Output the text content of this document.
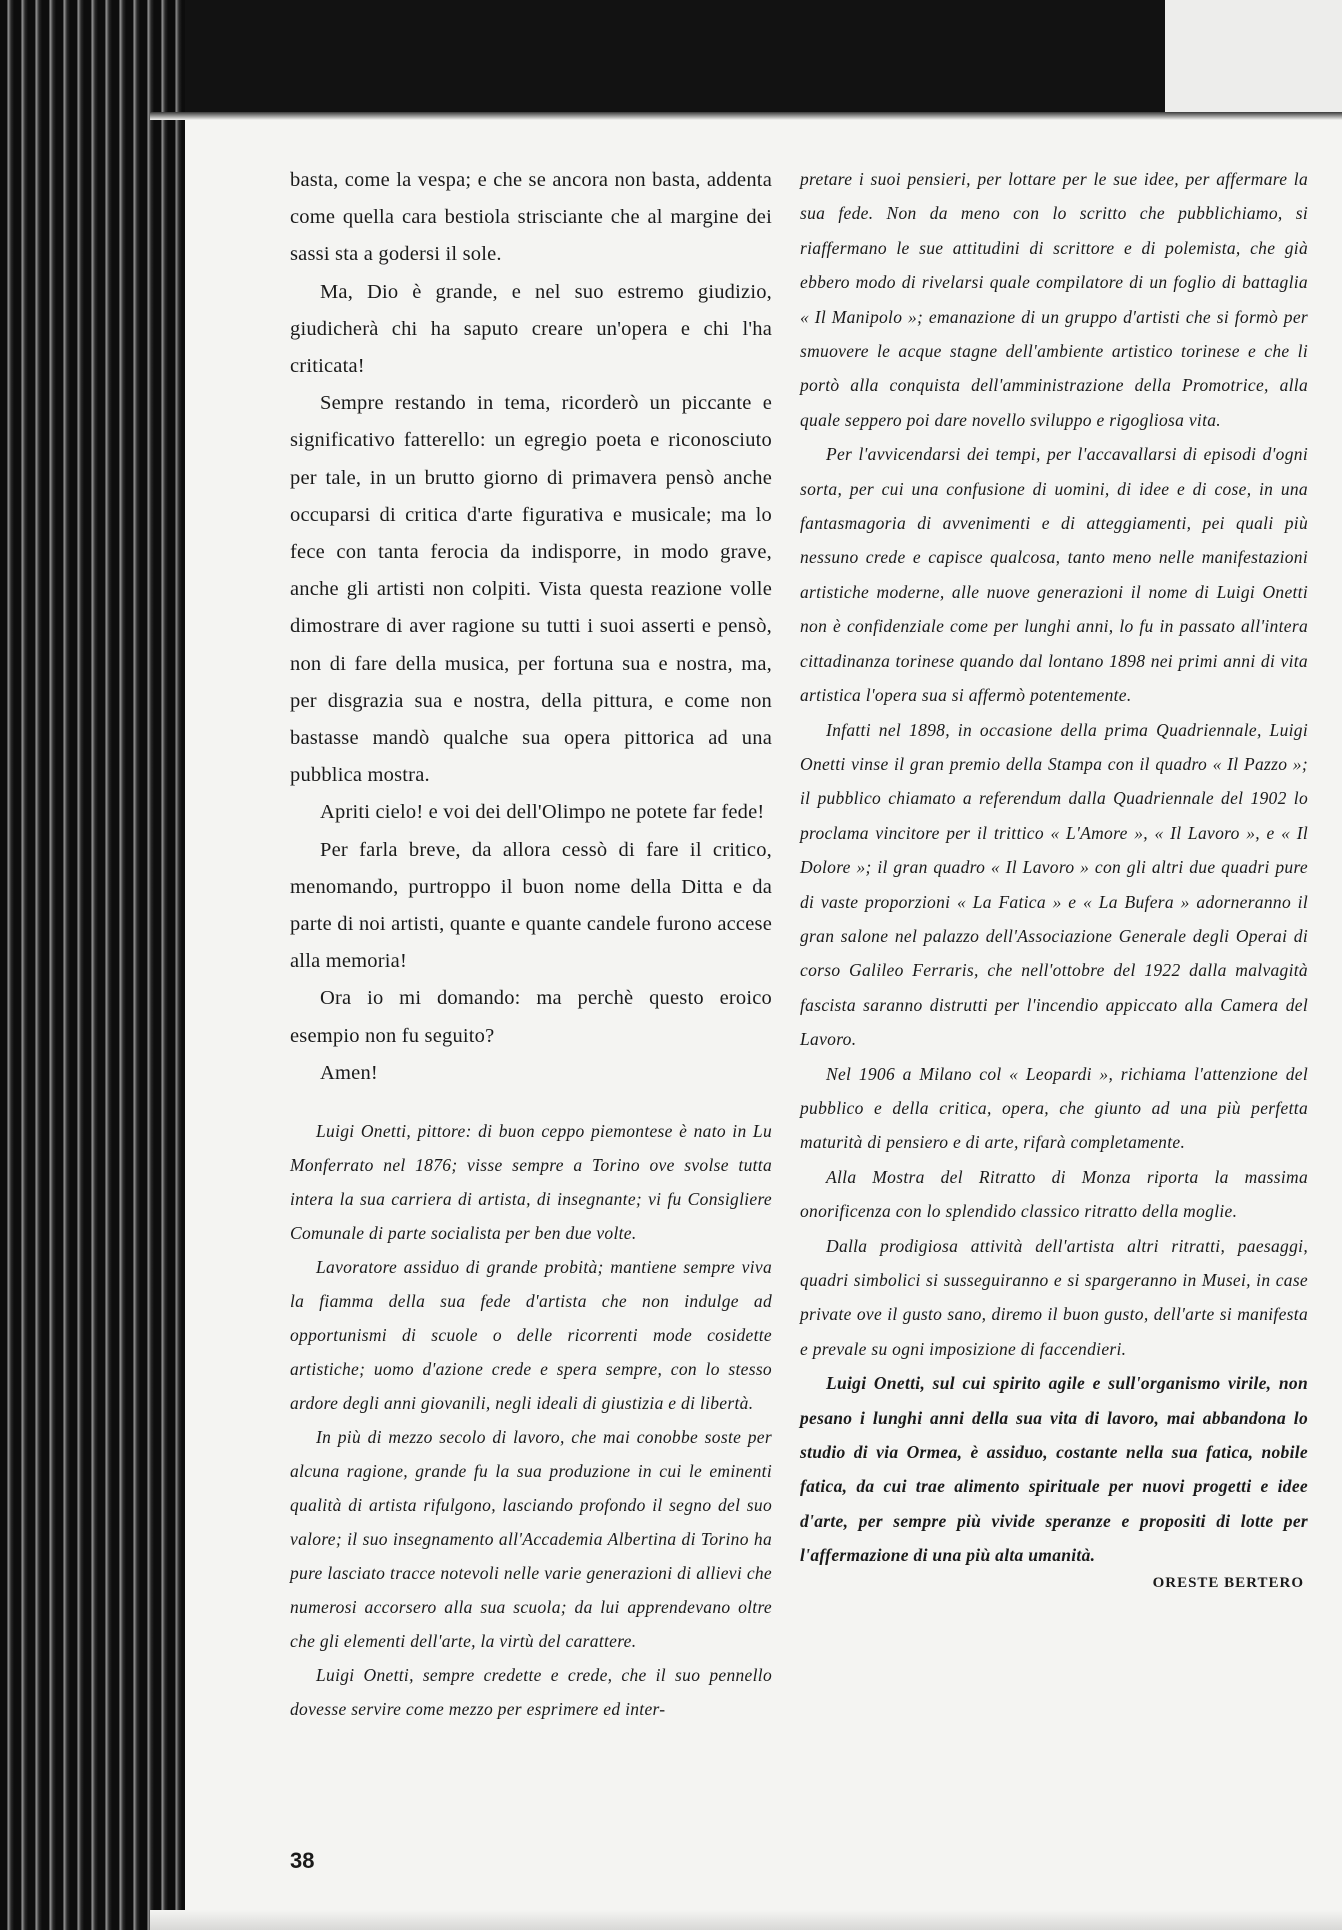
basta, come la vespa; e che se ancora non basta, addenta come quella cara bestiola strisciante che al margine dei sassi sta a godersi il sole.

Ma, Dio è grande, e nel suo estremo giudizio, giudicherà chi ha saputo creare un'opera e chi l'ha criticata!

Sempre restando in tema, ricorderò un piccante e significativo fatterello: un egregio poeta e riconosciuto per tale, in un brutto giorno di primavera pensò anche occuparsi di critica d'arte figurativa e musicale; ma lo fece con tanta ferocia da indisporre, in modo grave, anche gli artisti non colpiti. Vista questa reazione volle dimostrare di aver ragione su tutti i suoi asserti e pensò, non di fare della musica, per fortuna sua e nostra, ma, per disgrazia sua e nostra, della pittura, e come non bastasse mandò qualche sua opera pittorica ad una pubblica mostra.

Apriti cielo! e voi dei dell'Olimpo ne potete far fede!

Per farla breve, da allora cessò di fare il critico, menomando, purtroppo il buon nome della Ditta e da parte di noi artisti, quante e quante candele furono accese alla memoria!

Ora io mi domando: ma perchè questo eroico esempio non fu seguito?

Amen!

Luigi Onetti, pittore: di buon ceppo piemontese è nato in Lu Monferrato nel 1876; visse sempre a Torino ove svolse tutta intera la sua carriera di artista, di insegnante; vi fu Consigliere Comunale di parte socialista per ben due volte.

Lavoratore assiduo di grande probità; mantiene sempre viva la fiamma della sua fede d'artista che non indulge ad opportunismi di scuole o delle ricorrenti mode cosidette artistiche; uomo d'azione crede e spera sempre, con lo stesso ardore degli anni giovanili, negli ideali di giustizia e di libertà.

In più di mezzo secolo di lavoro, che mai conobbe soste per alcuna ragione, grande fu la sua produzione in cui le eminenti qualità di artista rifulgono, lasciando profondo il segno del suo valore; il suo insegnamento all'Accademia Albertina di Torino ha pure lasciato tracce notevoli nelle varie generazioni di allievi che numerosi accorsero alla sua scuola; da lui apprendevano oltre che gli elementi dell'arte, la virtù del carattere.

Luigi Onetti, sempre credette e crede, che il suo pennello dovesse servire come mezzo per esprimere ed inter-

pretare i suoi pensieri, per lottare per le sue idee, per affermare la sua fede. Non da meno con lo scritto che pubblichiamo, si riaffermano le sue attitudini di scrittore e di polemista, che già ebbero modo di rivelarsi quale compilatore di un foglio di battaglia « Il Manipolo »; emanazione di un gruppo d'artisti che si formò per smuovere le acque stagne dell'ambiente artistico torinese e che li portò alla conquista dell'amministrazione della Promotrice, alla quale seppero poi dare novello sviluppo e rigogliosa vita.

Per l'avvicendarsi dei tempi, per l'accavallarsi di episodi d'ogni sorta, per cui una confusione di uomini, di idee e di cose, in una fantasmagoria di avvenimenti e di atteggiamenti, pei quali più nessuno crede e capisce qualcosa, tanto meno nelle manifestazioni artistiche moderne, alle nuove generazioni il nome di Luigi Onetti non è confidenziale come per lunghi anni, lo fu in passato all'intera cittadinanza torinese quando dal lontano 1898 nei primi anni di vita artistica l'opera sua si affermò potentemente.

Infatti nel 1898, in occasione della prima Quadriennale, Luigi Onetti vinse il gran premio della Stampa con il quadro « Il Pazzo »; il pubblico chiamato a referendum dalla Quadriennale del 1902 lo proclama vincitore per il trittico « L'Amore », « Il Lavoro », e « Il Dolore »; il gran quadro « Il Lavoro » con gli altri due quadri pure di vaste proporzioni « La Fatica » e « La Bufera » adorneranno il gran salone nel palazzo dell'Associazione Generale degli Operai di corso Galileo Ferraris, che nell'ottobre del 1922 dalla malvagità fascista saranno distrutti per l'incendio appiccato alla Camera del Lavoro.

Nel 1906 a Milano col « Leopardi », richiama l'attenzione del pubblico e della critica, opera, che giunto ad una più perfetta maturità di pensiero e di arte, rifarà completamente.

Alla Mostra del Ritratto di Monza riporta la massima onorificenza con lo splendido classico ritratto della moglie.

Dalla prodigiosa attività dell'artista altri ritratti, paesaggi, quadri simbolici si susseguiranno e si spargeranno in Musei, in case private ove il gusto sano, diremo il buon gusto, dell'arte si manifesta e prevale su ogni imposizione di faccendieri.

Luigi Onetti, sul cui spirito agile e sull'organismo virile, non pesano i lunghi anni della sua vita di lavoro, mai abbandona lo studio di via Ormea, è assiduo, costante nella sua fatica, nobile fatica, da cui trae alimento spirituale per nuovi progetti e idee d'arte, per sempre più vivide speranze e propositi di lotte per l'affermazione di una più alta umanità.

ORESTE BERTERO
38
